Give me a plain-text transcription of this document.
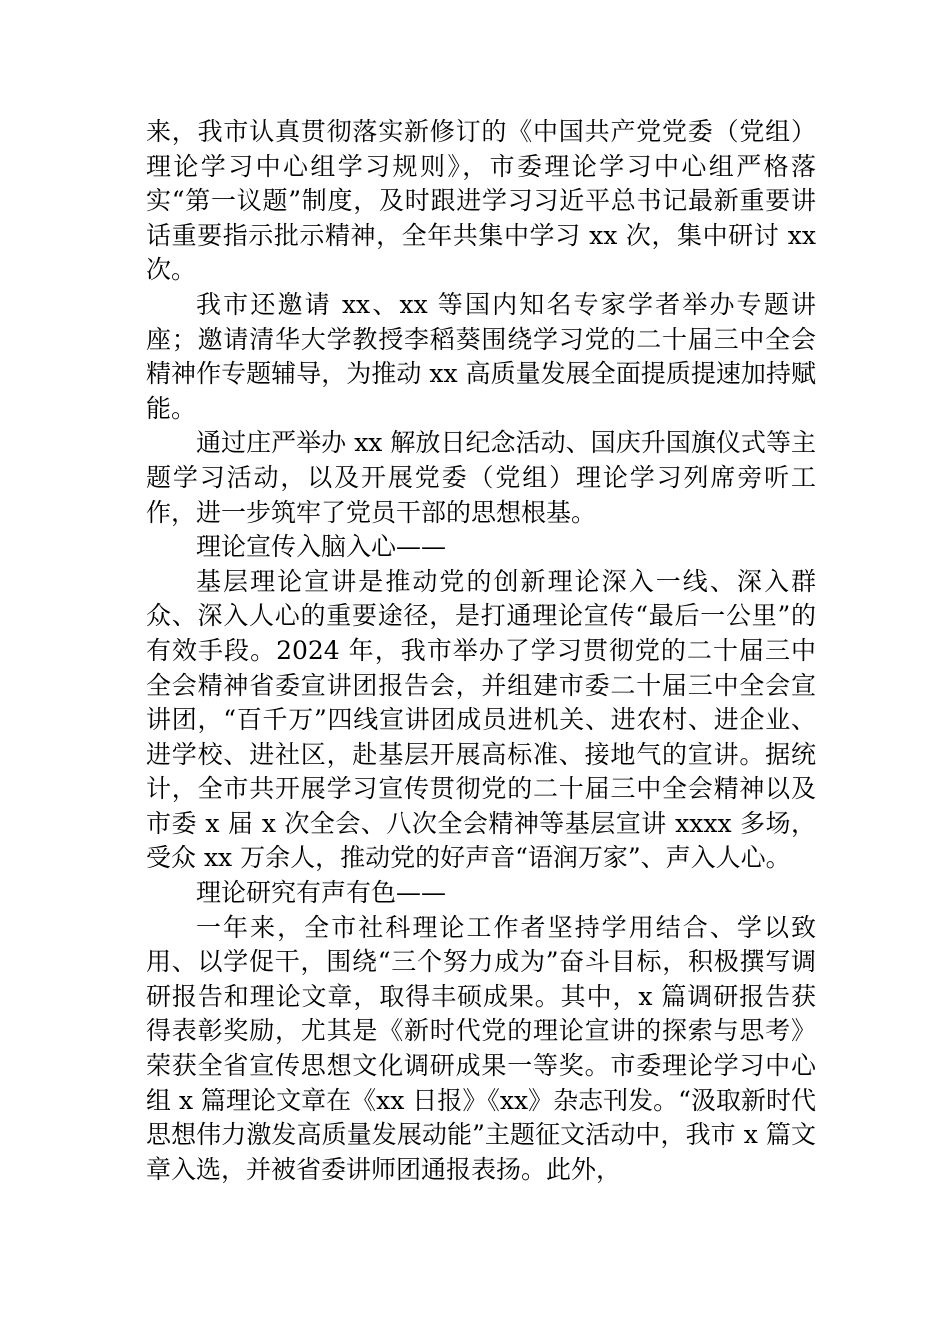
来，我市认真贯彻落实新修订的《中国共产党党委（党组）理论学习中心组学习规则》，市委理论学习中心组严格落实“第一议题”制度，及时跟进学习习近平总书记最新重要讲话重要指示批示精神，全年共集中学习 xx 次，集中研讨 xx 次。

我市还邀请 xx、xx 等国内知名专家学者举办专题讲座；邀请清华大学教授李稻葵围绕学习党的二十届三中全会精神作专题辅导，为推动 xx 高质量发展全面提质提速加持赋能。

通过庄严举办 xx 解放日纪念活动、国庆升国旗仪式等主题学习活动，以及开展党委（党组）理论学习列席旁听工作，进一步筑牢了党员干部的思想根基。

理论宣传入脑入心——

基层理论宣讲是推动党的创新理论深入一线、深入群众、深入人心的重要途径，是打通理论宣传“最后一公里”的有效手段。2024 年，我市举办了学习贯彻党的二十届三中全会精神省委宣讲团报告会，并组建市委二十届三中全会宣讲团，“百千万”四线宣讲团成员进机关、进农村、进企业、进学校、进社区，赴基层开展高标准、接地气的宣讲。据统计，全市共开展学习宣传贯彻党的二十届三中全会精神以及市委 x 届 x 次全会、八次全会精神等基层宣讲 xxxx 多场，受众 xx 万余人，推动党的好声音“语润万家”、声入人心。

理论研究有声有色——

一年来，全市社科理论工作者坚持学用结合、学以致用、以学促干，围绕“三个努力成为”奋斗目标，积极撰写调研报告和理论文章，取得丰硕成果。其中，x 篇调研报告获得表彰奖励，尤其是《新时代党的理论宣讲的探索与思考》荣获全省宣传思想文化调研成果一等奖。市委理论学习中心组 x 篇理论文章在《xx 日报》《xx》杂志刊发。“汲取新时代思想伟力激发高质量发展动能”主题征文活动中，我市 x 篇文章入选，并被省委讲师团通报表扬。此外，
